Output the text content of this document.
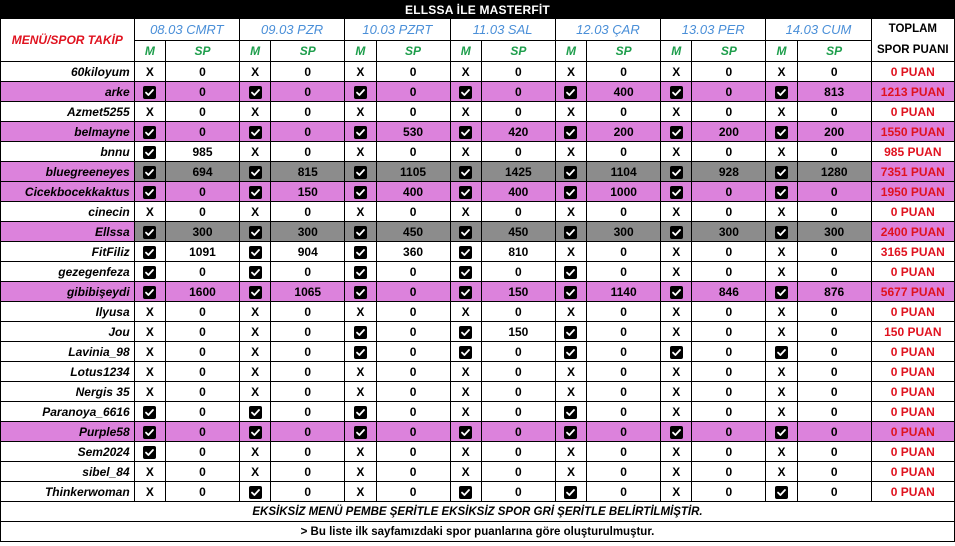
ELLSSA İLE MASTERFİT															
MENÜ/SPOR TAKİP	08.03 CMRT		09.03 PZR		10.03 PZRT		11.03 SAL		12.03 ÇAR		13.03 PER		14.03 CUM		TOPLAM
SPOR PUANI

	M	SP	M	SP	M	SP	M	SP	M	SP	M	SP	M	SP	
60kiloyum	X	0	X	0	X	0	X	0	X	0	X	0	X	0	0 PUAN
arke		0		0		0		0		400		0		813	1213 PUAN
Azmet5255	X	0	X	0	X	0	X	0	X	0	X	0	X	0	0 PUAN
belmayne		0		0		530		420		200		200		200	1550 PUAN
bnnu		985	X	0	X	0	X	0	X	0	X	0	X	0	985 PUAN
bluegreeneyes		694		815		1105		1425		1104		928		1280	7351 PUAN
Cicekbocekkaktus		0		150		400		400		1000		0		0	1950 PUAN
cinecin	X	0	X	0	X	0	X	0	X	0	X	0	X	0	0 PUAN
Ellssa		300		300		450		450		300		300		300	2400 PUAN
FitFiliz		1091		904		360		810	X	0	X	0	X	0	3165 PUAN
gezegenfeza		0		0		0		0		0	X	0	X	0	0 PUAN
gibibişeydi		1600		1065		0		150		1140		846		876	5677 PUAN
Ilyusa	X	0	X	0	X	0	X	0	X	0	X	0	X	0	0 PUAN
Jou	X	0	X	0		0		150		0	X	0	X	0	150 PUAN
Lavinia_98	X	0	X	0		0		0		0		0		0	0 PUAN
Lotus1234	X	0	X	0	X	0	X	0	X	0	X	0	X	0	0 PUAN
Nergis 35	X	0	X	0	X	0	X	0	X	0	X	0	X	0	0 PUAN
Paranoya_6616		0		0		0	X	0		0	X	0	X	0	0 PUAN
Purple58		0		0		0		0		0		0		0	0 PUAN
Sem2024		0	X	0	X	0	X	0	X	0	X	0	X	0	0 PUAN
sibel_84	X	0	X	0	X	0	X	0	X	0	X	0	X	0	0 PUAN
Thinkerwoman	X	0		0	X	0		0		0	X	0		0	0 PUAN
EKSİKSİZ MENÜ PEMBE ŞERİTLE EKSİKSİZ SPOR GRİ ŞERİTLE BELİRTİLMİŞTİR.															
> Bu liste ilk sayfamızdaki spor puanlarına göre oluşturulmuştur.															
